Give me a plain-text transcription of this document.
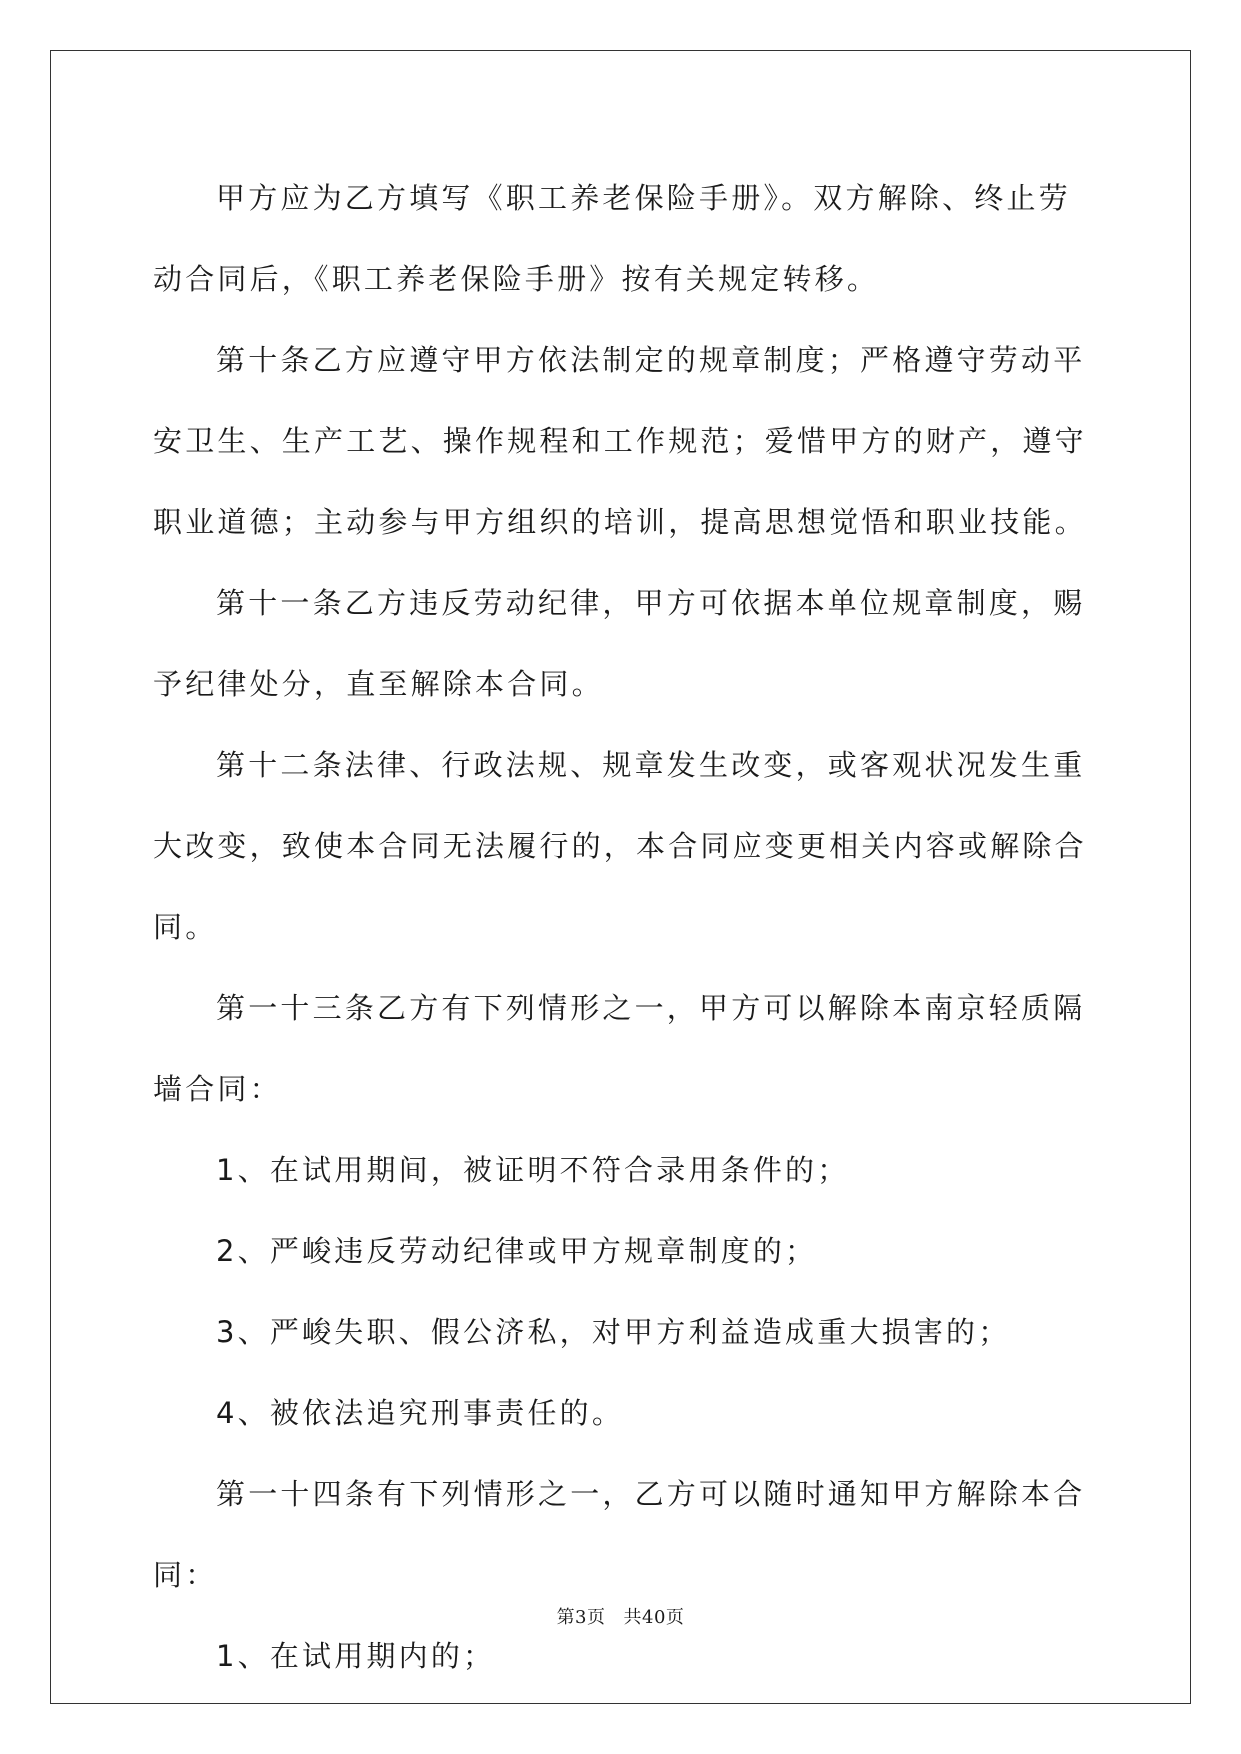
甲方应为乙方填写《职工养老保险手册》。双方解除、终止劳动合同后，《职工养老保险手册》按有关规定转移。

第十条乙方应遵守甲方依法制定的规章制度；严格遵守劳动平安卫生、生产工艺、操作规程和工作规范；爱惜甲方的财产，遵守职业道德；主动参与甲方组织的培训，提高思想觉悟和职业技能。

第十一条乙方违反劳动纪律，甲方可依据本单位规章制度，赐予纪律处分，直至解除本合同。

第十二条法律、行政法规、规章发生改变，或客观状况发生重大改变，致使本合同无法履行的，本合同应变更相关内容或解除合同。

第一十三条乙方有下列情形之一，甲方可以解除本南京轻质隔墙合同：

1、在试用期间，被证明不符合录用条件的；

2、严峻违反劳动纪律或甲方规章制度的；

3、严峻失职、假公济私，对甲方利益造成重大损害的；

4、被依法追究刑事责任的。

第一十四条有下列情形之一，乙方可以随时通知甲方解除本合同：

1、在试用期内的；

第3页 共40页
